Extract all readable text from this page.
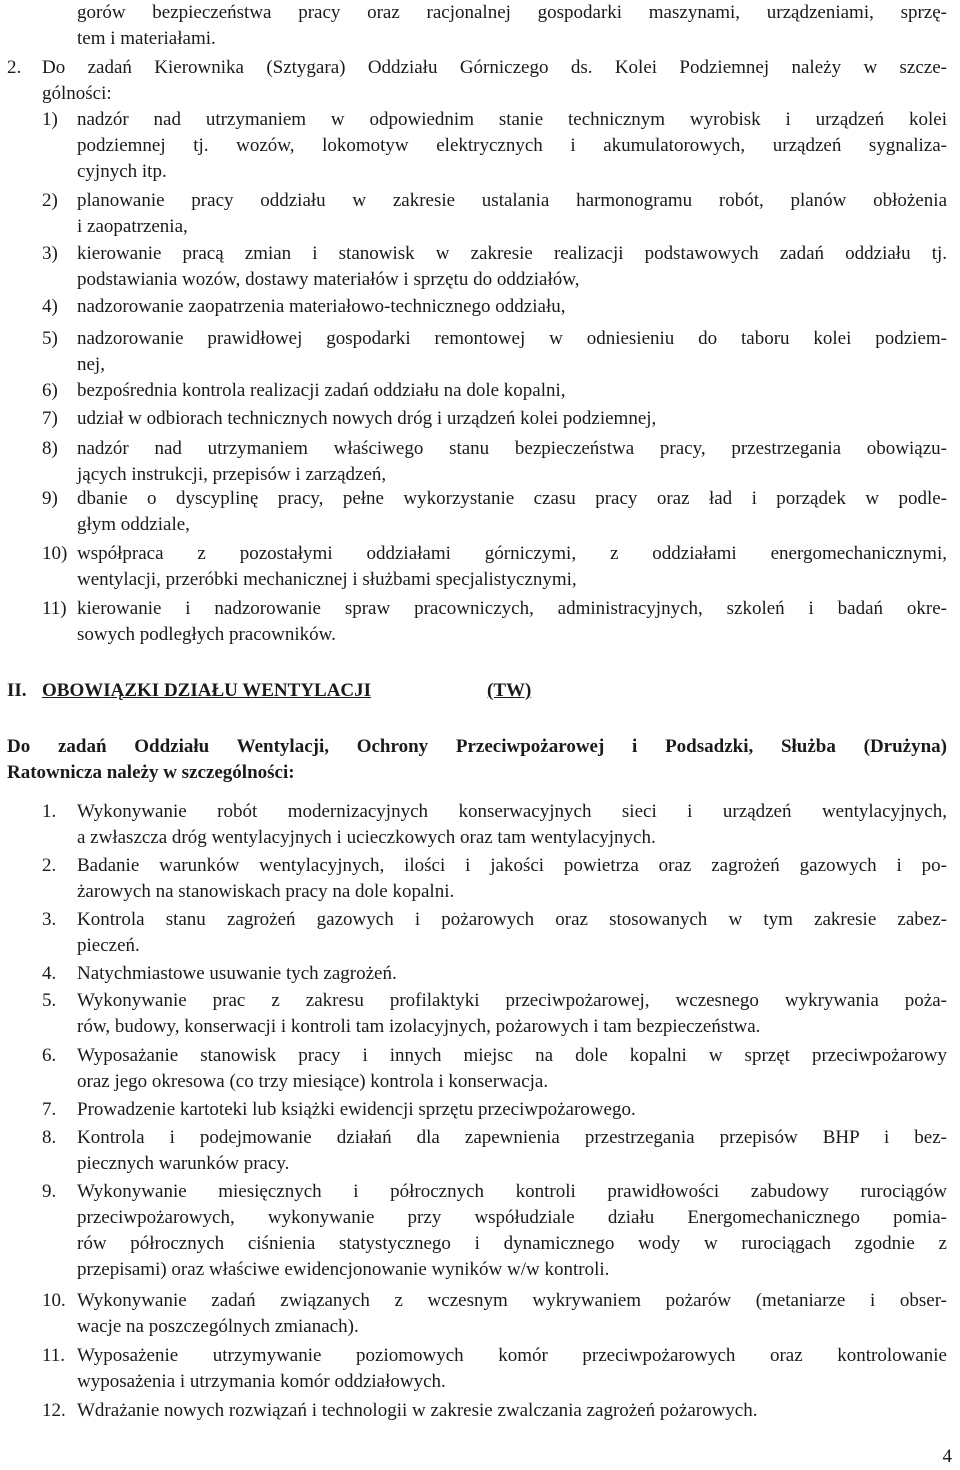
gorów bezpieczeństwa pracy oraz racjonalnej gospodarki maszynami, urządzeniami, sprzę-
tem i materiałami.
2. Do zadań Kierownika (Sztygara) Oddziału Górniczego ds. Kolei Podziemnej należy w szcze-
gólności:
1) nadzór nad utrzymaniem w odpowiednim stanie technicznym wyrobisk i urządzeń kolei
podziemnej tj. wozów, lokomotyw elektrycznych i akumulatorowych, urządzeń sygnaliza-
cyjnych itp.
2) planowanie pracy oddziału w zakresie ustalania harmonogramu robót, planów obłożenia
i zaopatrzenia,
3) kierowanie pracą zmian i stanowisk w zakresie realizacji podstawowych zadań oddziału tj.
podstawiania wozów, dostawy materiałów i sprzętu do oddziałów,
4) nadzorowanie zaopatrzenia materiałowo-technicznego oddziału,
5) nadzorowanie prawidłowej gospodarki remontowej w odniesieniu do taboru kolei podziem-
nej,
6) bezpośrednia kontrola realizacji zadań oddziału na dole kopalni,
7) udział w odbiorach technicznych nowych dróg i urządzeń kolei podziemnej,
8) nadzór nad utrzymaniem właściwego stanu bezpieczeństwa pracy, przestrzegania obowiązu-
jących instrukcji, przepisów i zarządzeń,
9) dbanie o dyscyplinę pracy, pełne wykorzystanie czasu pracy oraz ład i porządek w podle-
głym oddziale,
10) współpraca z pozostałymi oddziałami górniczymi, z oddziałami energomechanicznymi,
wentylacji, przeróbki mechanicznej i służbami specjalistycznymi,
11) kierowanie i nadzorowanie spraw pracowniczych, administracyjnych, szkoleń i badań okre-
sowych podległych pracowników.
II. OBOWIĄZKI DZIAŁU WENTYLACJI	(TW)
Do zadań Oddziału Wentylacji, Ochrony Przeciwpożarowej i Podsadzki, Służba (Drużyna)
Ratownicza należy w szczególności:
1. Wykonywanie robót modernizacyjnych konserwacyjnych sieci i urządzeń wentylacyjnych,
a zwłaszcza dróg wentylacyjnych i ucieczkowych oraz tam wentylacyjnych.
2. Badanie warunków wentylacyjnych, ilości i jakości powietrza oraz zagrożeń gazowych i po-
żarowych na stanowiskach pracy na dole kopalni.
3. Kontrola stanu zagrożeń gazowych i pożarowych oraz stosowanych w tym zakresie zabez-
pieczeń.
4. Natychmiastowe usuwanie tych zagrożeń.
5. Wykonywanie prac z zakresu profilaktyki przeciwpożarowej, wczesnego wykrywania poża-
rów, budowy, konserwacji i kontroli tam izolacyjnych, pożarowych i tam bezpieczeństwa.
6. Wyposażanie stanowisk pracy i innych miejsc na dole kopalni w sprzęt przeciwpożarowy
oraz jego okresowa (co trzy miesiące) kontrola i konserwacja.
7. Prowadzenie kartoteki lub książki ewidencji sprzętu przeciwpożarowego.
8. Kontrola i podejmowanie działań dla zapewnienia przestrzegania przepisów BHP i bez-
piecznych warunków pracy.
9. Wykonywanie miesięcznych i półrocznych kontroli prawidłowości zabudowy rurociągów
przeciwpożarowych, wykonywanie przy współudziale działu Energomechanicznego pomia-
rów półrocznych ciśnienia statystycznego i dynamicznego wody w rurociągach zgodnie z
przepisami) oraz właściwe ewidencjonowanie wyników w/w kontroli.
10. Wykonywanie zadań związanych z wczesnym wykrywaniem pożarów (metaniarze i obser-
wacje na poszczególnych zmianach).
11. Wyposażenie utrzymywanie poziomowych komór przeciwpożarowych oraz kontrolowanie
wyposażenia i utrzymania komór oddziałowych.
12. Wdrażanie nowych rozwiązań i technologii w zakresie zwalczania zagrożeń pożarowych.
4
